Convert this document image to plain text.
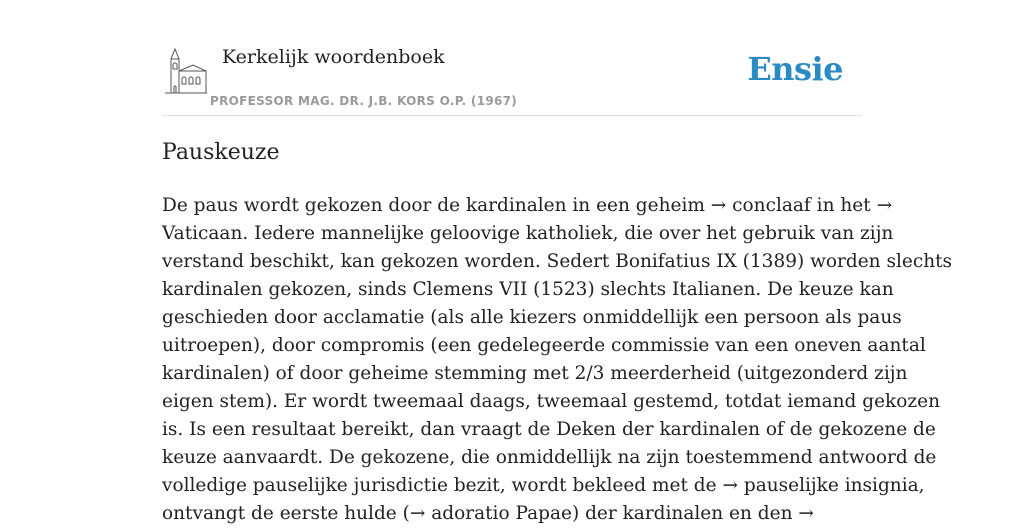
Kerkelijk woordenboek
PROFESSOR MAG. DR. J.B. KORS O.P. (1967)
Ensie
Pauskeuze
De paus wordt gekozen door de kardinalen in een geheim → conclaaf in het →
Vaticaan. Iedere mannelijke geloovige katholiek, die over het gebruik van zijn
verstand beschikt, kan gekozen worden. Sedert Bonifatius IX (1389) worden slechts
kardinalen gekozen, sinds Clemens VII (1523) slechts Italianen. De keuze kan
geschieden door acclamatie (als alle kiezers onmiddellijk een persoon als paus
uitroepen), door compromis (een gedelegeerde commissie van een oneven aantal
kardinalen) of door geheime stemming met 2/3 meerderheid (uitgezonderd zijn
eigen stem). Er wordt tweemaal daags, tweemaal gestemd, totdat iemand gekozen
is. Is een resultaat bereikt, dan vraagt de Deken der kardinalen of de gekozene de
keuze aanvaardt. De gekozene, die onmiddellijk na zijn toestemmend antwoord de
volledige pauselijke jurisdictie bezit, wordt bekleed met de → pauselijke insignia,
ontvangt de eerste hulde (→ adoratio Papae) der kardinalen en den →
